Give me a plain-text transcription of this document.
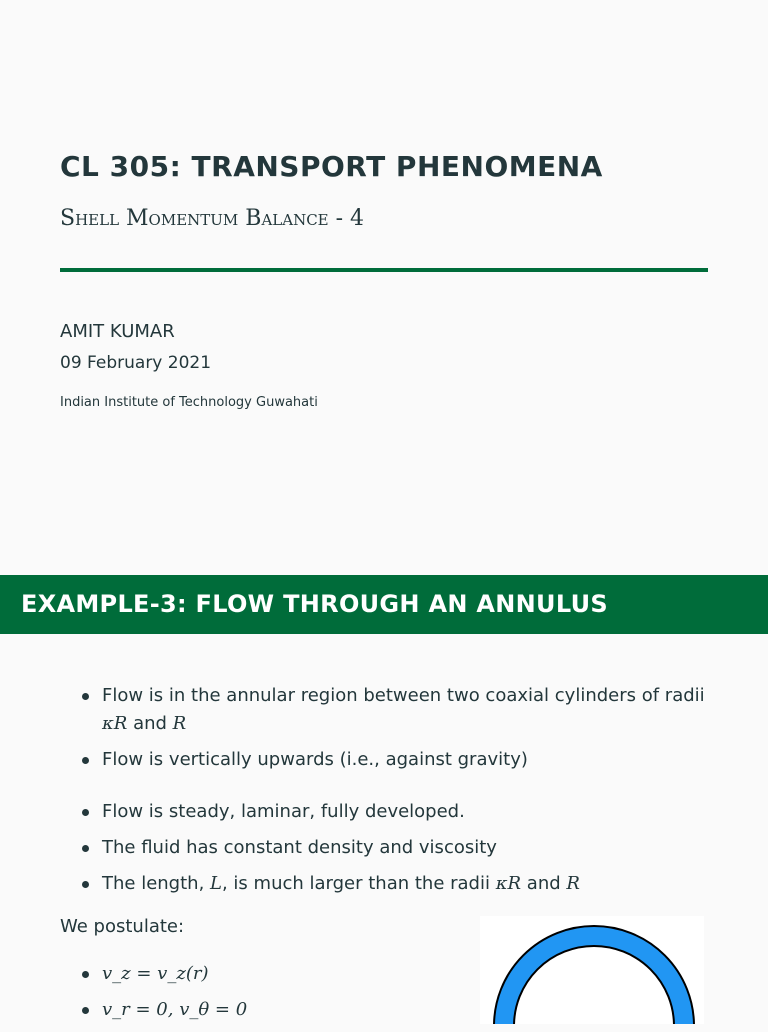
CL 305: TRANSPORT PHENOMENA
Shell Momentum Balance - 4
AMIT KUMAR
09 February 2021
Indian Institute of Technology Guwahati
EXAMPLE-3: FLOW THROUGH AN ANNULUS
Flow is in the annular region between two coaxial cylinders of radii κR and R
Flow is vertically upwards (i.e., against gravity)
Flow is steady, laminar, fully developed.
The fluid has constant density and viscosity
The length, L, is much larger than the radii κR and R
We postulate:
v_z = v_z(r)
v_r = 0, v_θ = 0
